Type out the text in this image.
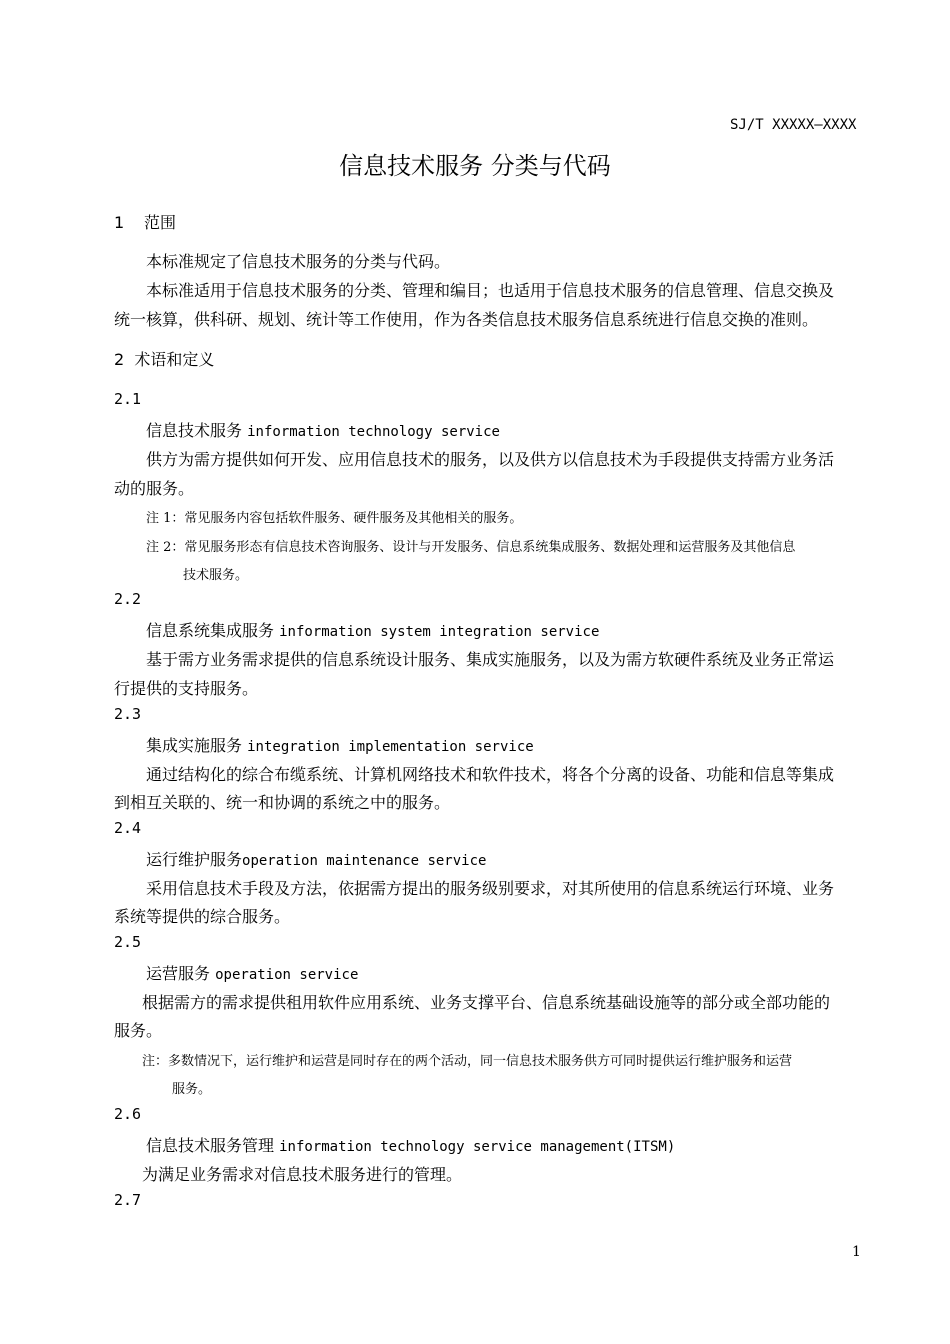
SJ/T XXXXX—XXXX
信息技术服务 分类与代码
1 范围
本标准规定了信息技术服务的分类与代码。
本标准适用于信息技术服务的分类、管理和编目；也适用于信息技术服务的信息管理、信息交换及
统一核算，供科研、规划、统计等工作使用，作为各类信息技术服务信息系统进行信息交换的准则。
2 术语和定义
2.1
信息技术服务 information technology service
供方为需方提供如何开发、应用信息技术的服务，以及供方以信息技术为手段提供支持需方业务活
动的服务。
注 1：常见服务内容包括软件服务、硬件服务及其他相关的服务。
注 2：常见服务形态有信息技术咨询服务、设计与开发服务、信息系统集成服务、数据处理和运营服务及其他信息
技术服务。
2.2
信息系统集成服务 information system integration service
基于需方业务需求提供的信息系统设计服务、集成实施服务，以及为需方软硬件系统及业务正常运
行提供的支持服务。
2.3
集成实施服务 integration implementation service
通过结构化的综合布缆系统、计算机网络技术和软件技术，将各个分离的设备、功能和信息等集成
到相互关联的、统一和协调的系统之中的服务。
2.4
运行维护服务operation maintenance service
采用信息技术手段及方法，依据需方提出的服务级别要求，对其所使用的信息系统运行环境、业务
系统等提供的综合服务。
2.5
运营服务 operation service
根据需方的需求提供租用软件应用系统、业务支撑平台、信息系统基础设施等的部分或全部功能的
服务。
注：多数情况下，运行维护和运营是同时存在的两个活动，同一信息技术服务供方可同时提供运行维护服务和运营
服务。
2.6
信息技术服务管理 information technology service management(ITSM)
为满足业务需求对信息技术服务进行的管理。
2.7
1
